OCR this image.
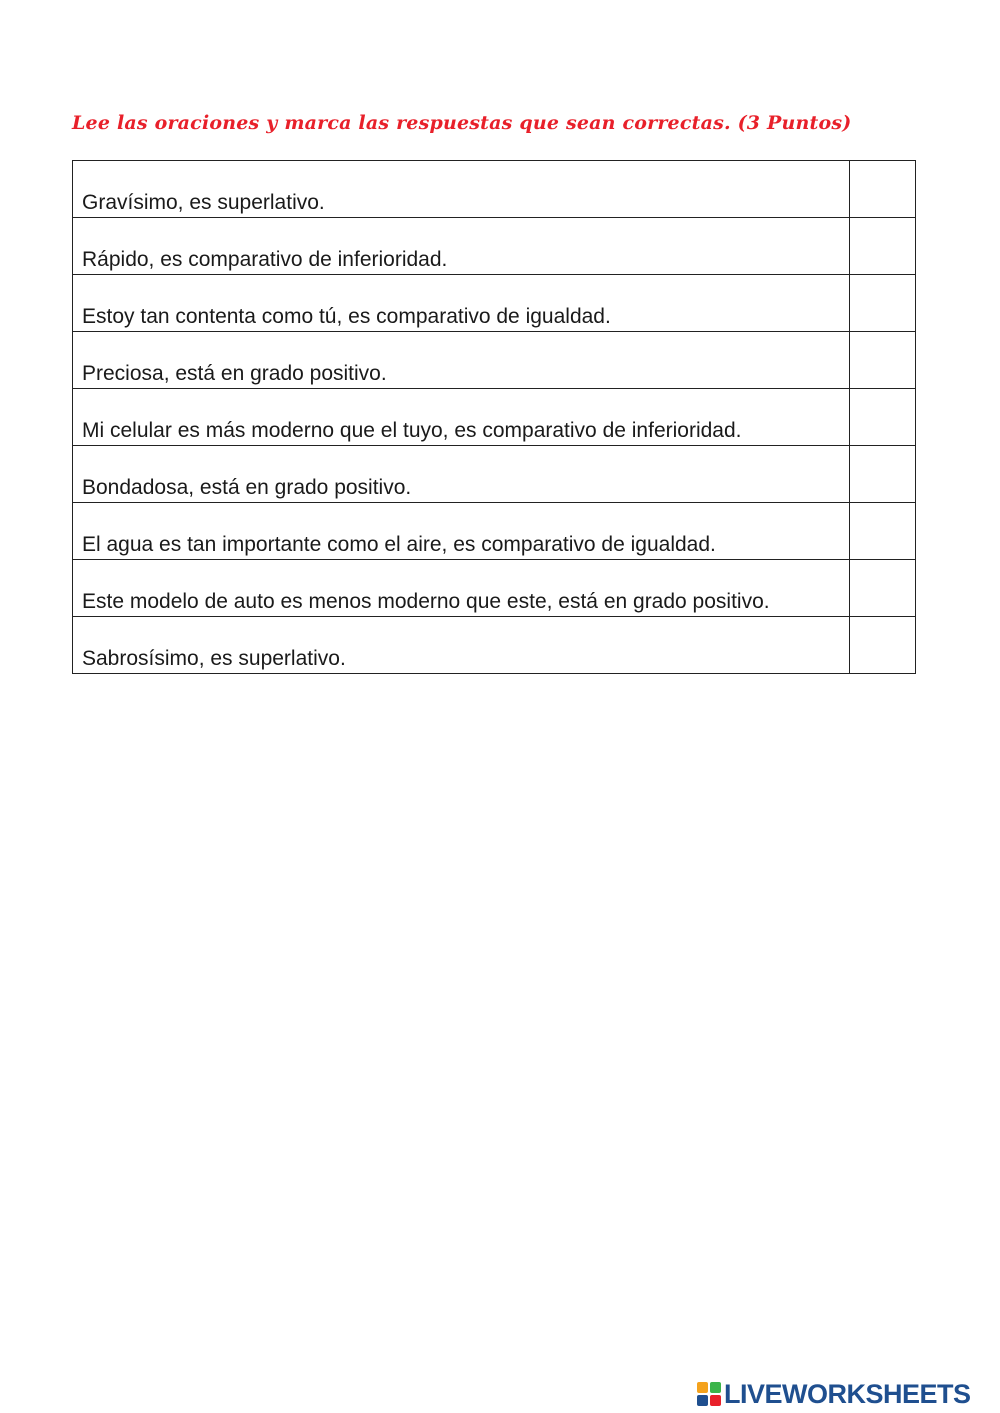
Lee las oraciones y marca las respuestas que sean correctas. (3 Puntos)
Gravísimo, es superlativo.	
Rápido, es comparativo de inferioridad.	
Estoy tan contenta como tú, es comparativo de igualdad.	
Preciosa, está en grado positivo.	
Mi celular es más moderno que el tuyo, es comparativo de inferioridad.	
Bondadosa, está en grado positivo.	
El agua es tan importante como el aire, es comparativo de igualdad.	
Este modelo de auto es menos moderno que este, está en grado positivo.	
Sabrosísimo, es superlativo.	
LIVEWORKSHEETS
